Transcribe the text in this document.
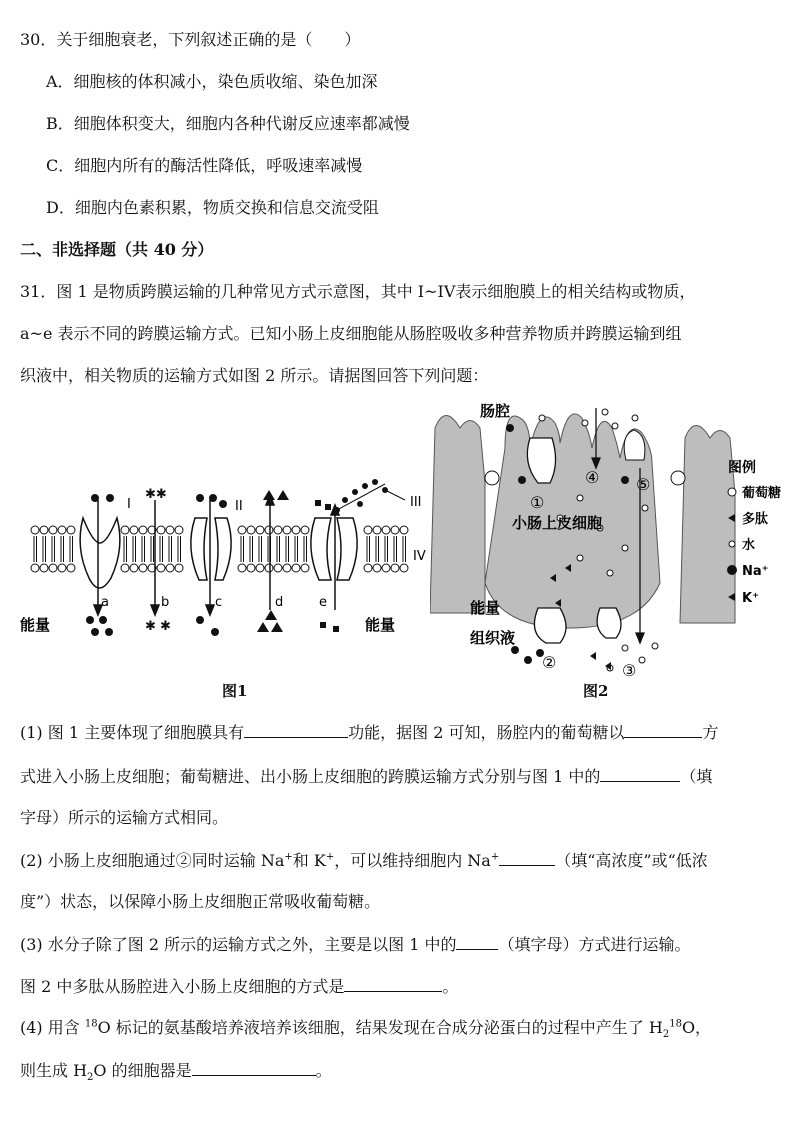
30．关于细胞衰老，下列叙述正确的是（　　）
A．细胞核的体积减小，染色质收缩、染色加深
B．细胞体积变大，细胞内各种代谢反应速率都减慢
C．细胞内所有的酶活性降低，呼吸速率减慢
D．细胞内色素积累，物质交换和信息交流受阻
二、非选择题（共 40 分）
31．图 1 是物质跨膜运输的几种常见方式示意图，其中 I~IV表示细胞膜上的相关结构或物质，
a~e 表示不同的跨膜运输方式。已知小肠上皮细胞能从肠腔吸收多种营养物质并跨膜运输到组
织液中，相关物质的运输方式如图 2 所示。请据图回答下列问题：
✱✱
✱ ✱
I	II	III
IV
a	b	c	d	e
能量	能量
图1
肠腔
小肠上皮细胞
能量
组织液
①
②	③
④ ⑤
图例
葡萄糖
多肽
水
Na⁺
K⁺
图2
(1) 图 1 主要体现了细胞膜具有	功能，据图 2 可知，肠腔内的葡萄糖以	方
式进入小肠上皮细胞；葡萄糖进、出小肠上皮细胞的跨膜运输方式分别与图 1 中的	（填
字母）所示的运输方式相同。
(2) 小肠上皮细胞通过②同时运输 Na+和 K+，可以维持细胞内 Na+	（填“高浓度”或“低浓
度”）状态，以保障小肠上皮细胞正常吸收葡萄糖。
(3) 水分子除了图 2 所示的运输方式之外，主要是以图 1 中的	（填字母）方式进行运输。
图 2 中多肽从肠腔进入小肠上皮细胞的方式是	。
(4) 用含 $^{18}$O 标记的氨基酸培养液培养该细胞，结果发现在合成分泌蛋白的过程中产生了 $H_2^{18}O$，
则生成 $H_2O$ 的细胞器是	。
